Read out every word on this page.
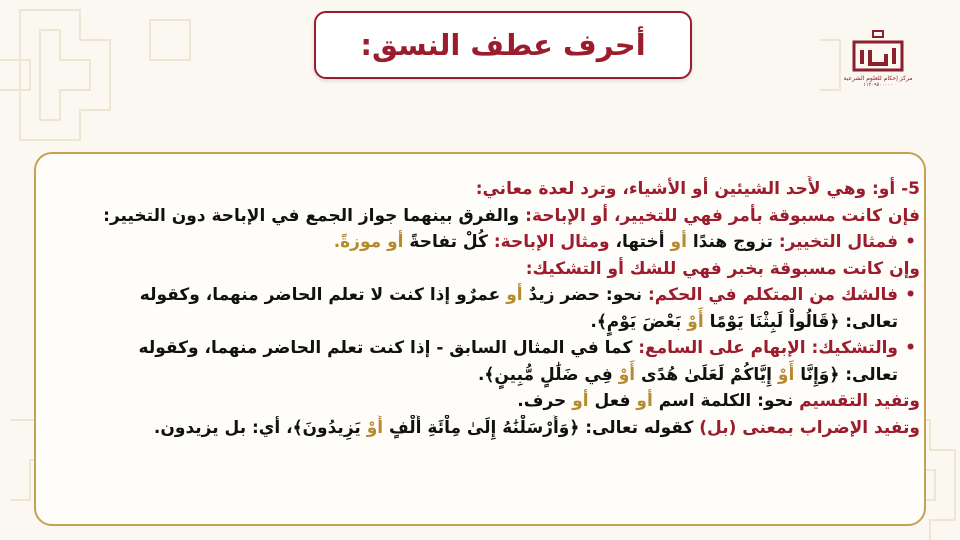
أحرف عطف النسق:
مركز إحكام للعلوم الشرعية
١١٢٠٩٥٠٠٠٠٠
5- أو: وهي لأَحد الشيئين أو الأشياء، وترد لعدة معاني:
فإن كانت مسبوقة بأمر فهي للتخيير، أو الإباحة: والفرق بينهما جواز الجمع في الإباحة دون التخيير:
• فمثال التخيير: تزوج هندًا أو أختها، ومثال الإباحة: كُلْ تفاحةً أو موزةً.
وإن كانت مسبوقة بخبر فهي للشك أو التشكيك:
• فالشك من المتكلم في الحكم: نحو: حضر زيدٌ أو عمرٌو إذا كنت لا تعلم الحاضر منهما، وكقوله
تعالى: ﴿قَالُواْ لَبِثْنَا يَوْمًا أَوْ بَعْضَ يَوْمٍ﴾.
• والتشكيك: الإبهام على السامع: كما في المثال السابق - إذا كنت تعلم الحاضر منهما، وكقوله
تعالى: ﴿وَإِنَّا أَوْ إِيَّاكُمْ لَعَلَىٰ هُدًى أَوْ فِي ضَلَٰلٍ مُّبِينٍ﴾.
وتفيد التقسيم نحو: الكلمة اسم أو فعل أو حرف.
وتفيد الإضراب بمعنى (بل) كقوله تعالى: ﴿وَأَرْسَلْنَٰهُ إِلَىٰ مِاْئَةِ أَلْفٍ أَوْ يَزِيدُونَ﴾، أي: بل يزيدون.
